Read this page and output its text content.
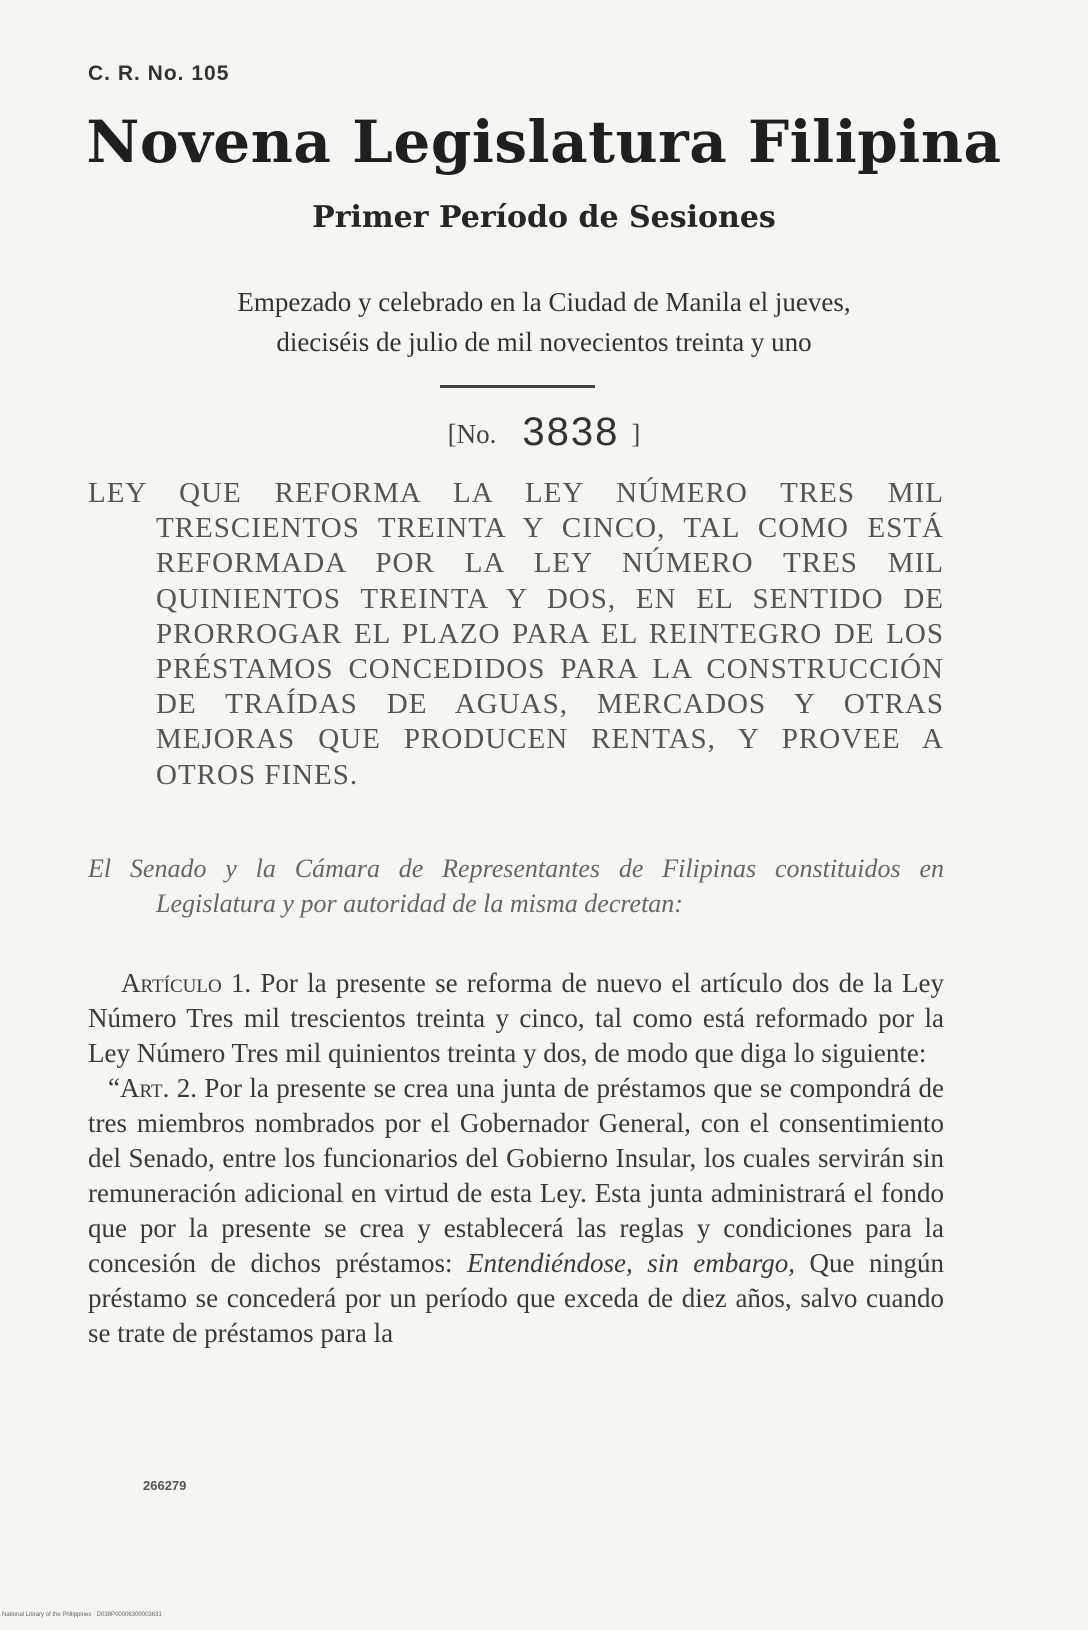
C. R. No. 105
Novena Legislatura Filipina
Primer Período de Sesiones
Empezado y celebrado en la Ciudad de Manila el jueves,
dieciséis de julio de mil novecientos treinta y uno
[No. 3838 ]

LEY QUE REFORMA LA LEY NÚMERO TRES MIL TRESCIENTOS TREINTA Y CINCO, TAL COMO ESTÁ REFORMADA POR LA LEY NÚMERO TRES MIL QUINIENTOS TREINTA Y DOS, EN EL SENTIDO DE PRORROGAR EL PLAZO PARA EL REINTEGRO DE LOS PRÉSTAMOS CONCEDIDOS PARA LA CONSTRUCCIÓN DE TRAÍDAS DE AGUAS, MERCADOS Y OTRAS MEJORAS QUE PRODUCEN RENTAS, Y PROVEE A OTROS FINES.

El Senado y la Cámara de Representantes de Filipinas constituidos en Legislatura y por autoridad de la misma decretan:

Artículo 1. Por la presente se reforma de nuevo el artículo dos de la Ley Número Tres mil trescientos treinta y cinco, tal como está reformado por la Ley Número Tres mil quinientos treinta y dos, de modo que diga lo siguiente:

“Art. 2. Por la presente se crea una junta de préstamos que se compondrá de tres miembros nombrados por el Gobernador General, con el consentimiento del Senado, entre los funcionarios del Gobierno Insular, los cuales servirán sin remuneración adicional en virtud de esta Ley. Esta junta administrará el fondo que por la presente se crea y establecerá las reglas y condiciones para la concesión de dichos préstamos: Entendiéndose, sin embargo, Que ningún préstamo se concederá por un período que exceda de diez años, salvo cuando se trate de préstamos para la

266279
National Library of the Philippines · D038P00006300003631
